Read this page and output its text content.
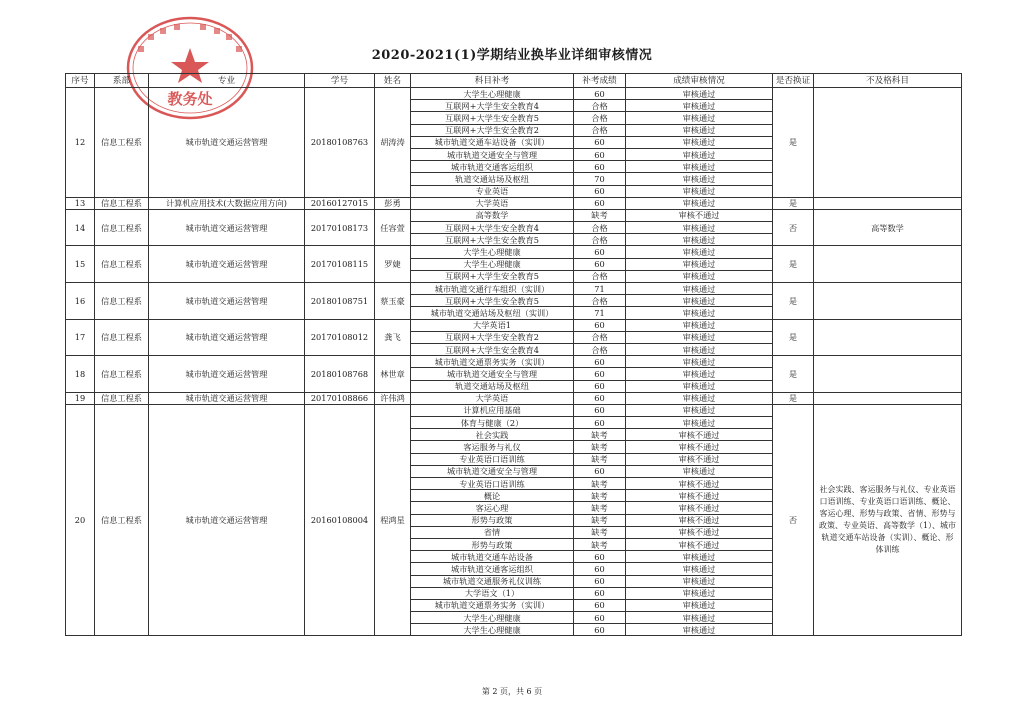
教务处
2020-2021(1)学期结业换毕业详细审核情况
序号	系部	专业	学号	姓名	科目补考	补考成绩	成绩审核情况	是否换证	不及格科目
12	信息工程系	城市轨道交通运营管理	20180108763	胡涛涛	大学生心理健康	60	审核通过	是	
					互联网+大学生安全教育4	合格	审核通过		
					互联网+大学生安全教育5	合格	审核通过		
					互联网+大学生安全教育2	合格	审核通过		
					城市轨道交通车站设备（实训）	60	审核通过		
					城市轨道交通安全与管理	60	审核通过		
					城市轨道交通客运组织	60	审核通过		
					轨道交通站场及枢纽	70	审核通过		
					专业英语	60	审核通过		
13	信息工程系	计算机应用技术(大数据应用方向)	20160127015	彭勇	大学英语	60	审核通过	是	
14	信息工程系	城市轨道交通运营管理	20170108173	任容萱	高等数学	缺考	审核不通过	否	高等数学
					互联网+大学生安全教育4	合格	审核通过		
					互联网+大学生安全教育5	合格	审核通过		
15	信息工程系	城市轨道交通运营管理	20170108115	罗婕	大学生心理健康	60	审核通过	是	
					大学生心理健康	60	审核通过		
					互联网+大学生安全教育5	合格	审核通过		
16	信息工程系	城市轨道交通运营管理	20180108751	蔡玉豪	城市轨道交通行车组织（实训）	71	审核通过	是	
					互联网+大学生安全教育5	合格	审核通过		
					城市轨道交通站场及枢纽（实训）	71	审核通过		
17	信息工程系	城市轨道交通运营管理	20170108012	龚飞	大学英语1	60	审核通过	是	
					互联网+大学生安全教育2	合格	审核通过		
					互联网+大学生安全教育4	合格	审核通过		
18	信息工程系	城市轨道交通运营管理	20180108768	林世章	城市轨道交通票务实务（实训）	60	审核通过	是	
					城市轨道交通安全与管理	60	审核通过		
					轨道交通站场及枢纽	60	审核通过		
19	信息工程系	城市轨道交通运营管理	20170108866	许伟鸿	大学英语	60	审核通过	是	
20	信息工程系	城市轨道交通运营管理	20160108004	程鸿星	计算机应用基础	60	审核通过	否	社会实践、客运服务与礼仪、专业英语口语训练、专业英语口语训练、概论、客运心理、形势与政策、省情、形势与政策、专业英语、高等数学（1）、城市轨道交通车站设备（实训）、概论、形体训练
					体育与健康（2）	60	审核通过		
					社会实践	缺考	审核不通过		
					客运服务与礼仪	缺考	审核不通过		
					专业英语口语训练	缺考	审核不通过		
					城市轨道交通安全与管理	60	审核通过		
					专业英语口语训练	缺考	审核不通过		
					概论	缺考	审核不通过		
					客运心理	缺考	审核不通过		
					形势与政策	缺考	审核不通过		
					省情	缺考	审核不通过		
					形势与政策	缺考	审核不通过		
					城市轨道交通车站设备	60	审核通过		
					城市轨道交通客运组织	60	审核通过		
					城市轨道交通服务礼仪训练	60	审核通过		
					大学语文（1）	60	审核通过		
					城市轨道交通票务实务（实训）	60	审核通过		
					大学生心理健康	60	审核通过		
					大学生心理健康	60	审核通过		
第 2 页，共 6 页
